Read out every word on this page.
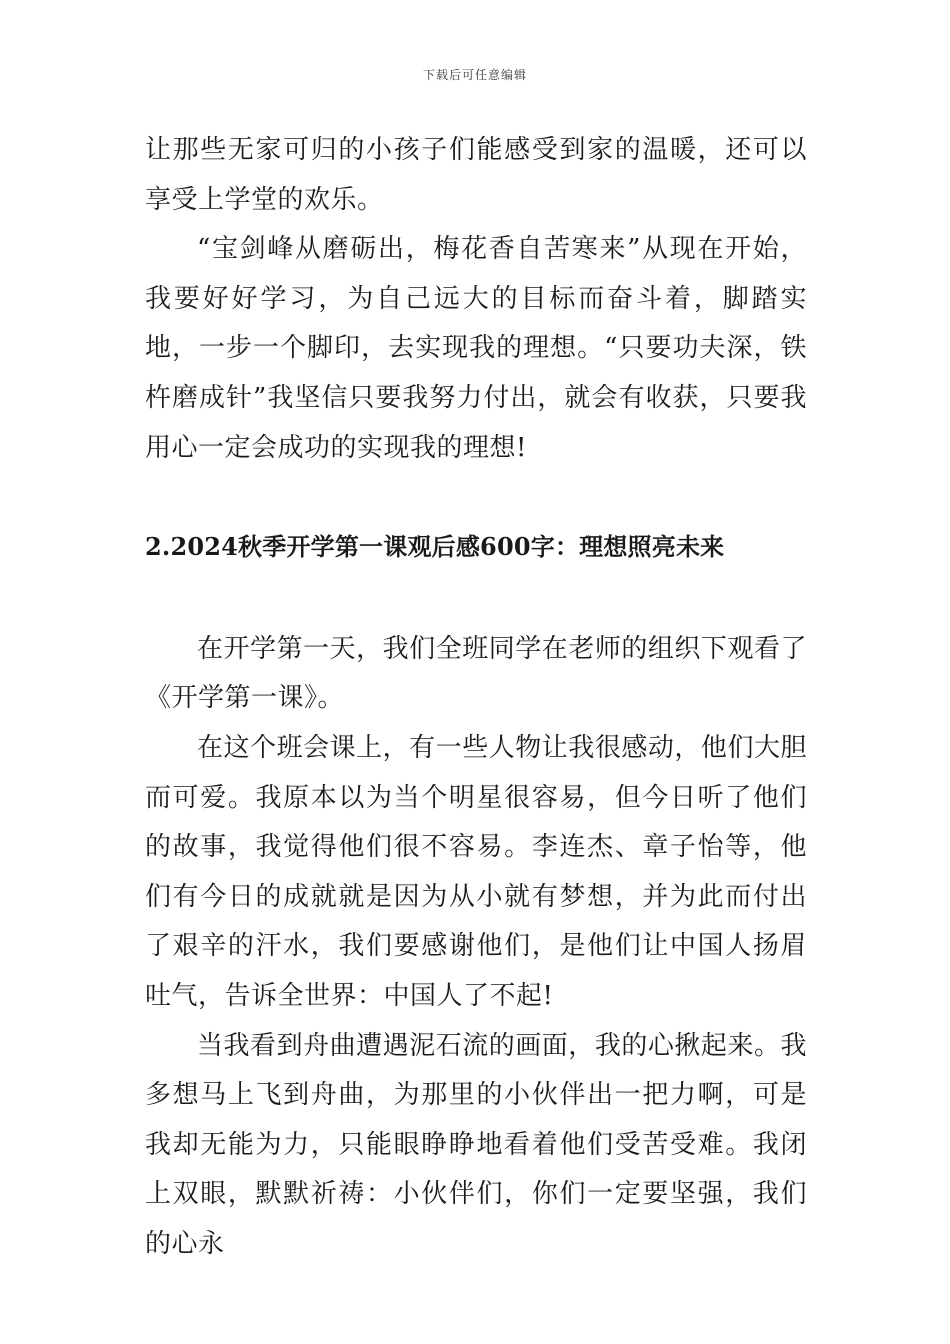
下载后可任意编辑

让那些无家可归的小孩子们能感受到家的温暖，还可以享受上学堂的欢乐。

“宝剑峰从磨砺出，梅花香自苦寒来”从现在开始，我要好好学习，为自己远大的目标而奋斗着，脚踏实地，一步一个脚印，去实现我的理想。“只要功夫深，铁杵磨成针”我坚信只要我努力付出，就会有收获，只要我用心一定会成功的实现我的理想!

2.2024秋季开学第一课观后感600字：理想照亮未来

在开学第一天，我们全班同学在老师的组织下观看了《开学第一课》。

在这个班会课上，有一些人物让我很感动，他们大胆而可爱。我原本以为当个明星很容易，但今日听了他们的故事，我觉得他们很不容易。李连杰、章子怡等，他们有今日的成就就是因为从小就有梦想，并为此而付出了艰辛的汗水，我们要感谢他们，是他们让中国人扬眉吐气，告诉全世界：中国人了不起!

当我看到舟曲遭遇泥石流的画面，我的心揪起来。我多想马上飞到舟曲，为那里的小伙伴出一把力啊，可是我却无能为力，只能眼睁睁地看着他们受苦受难。我闭上双眼，默默祈祷：小伙伴们，你们一定要坚强，我们的心永
